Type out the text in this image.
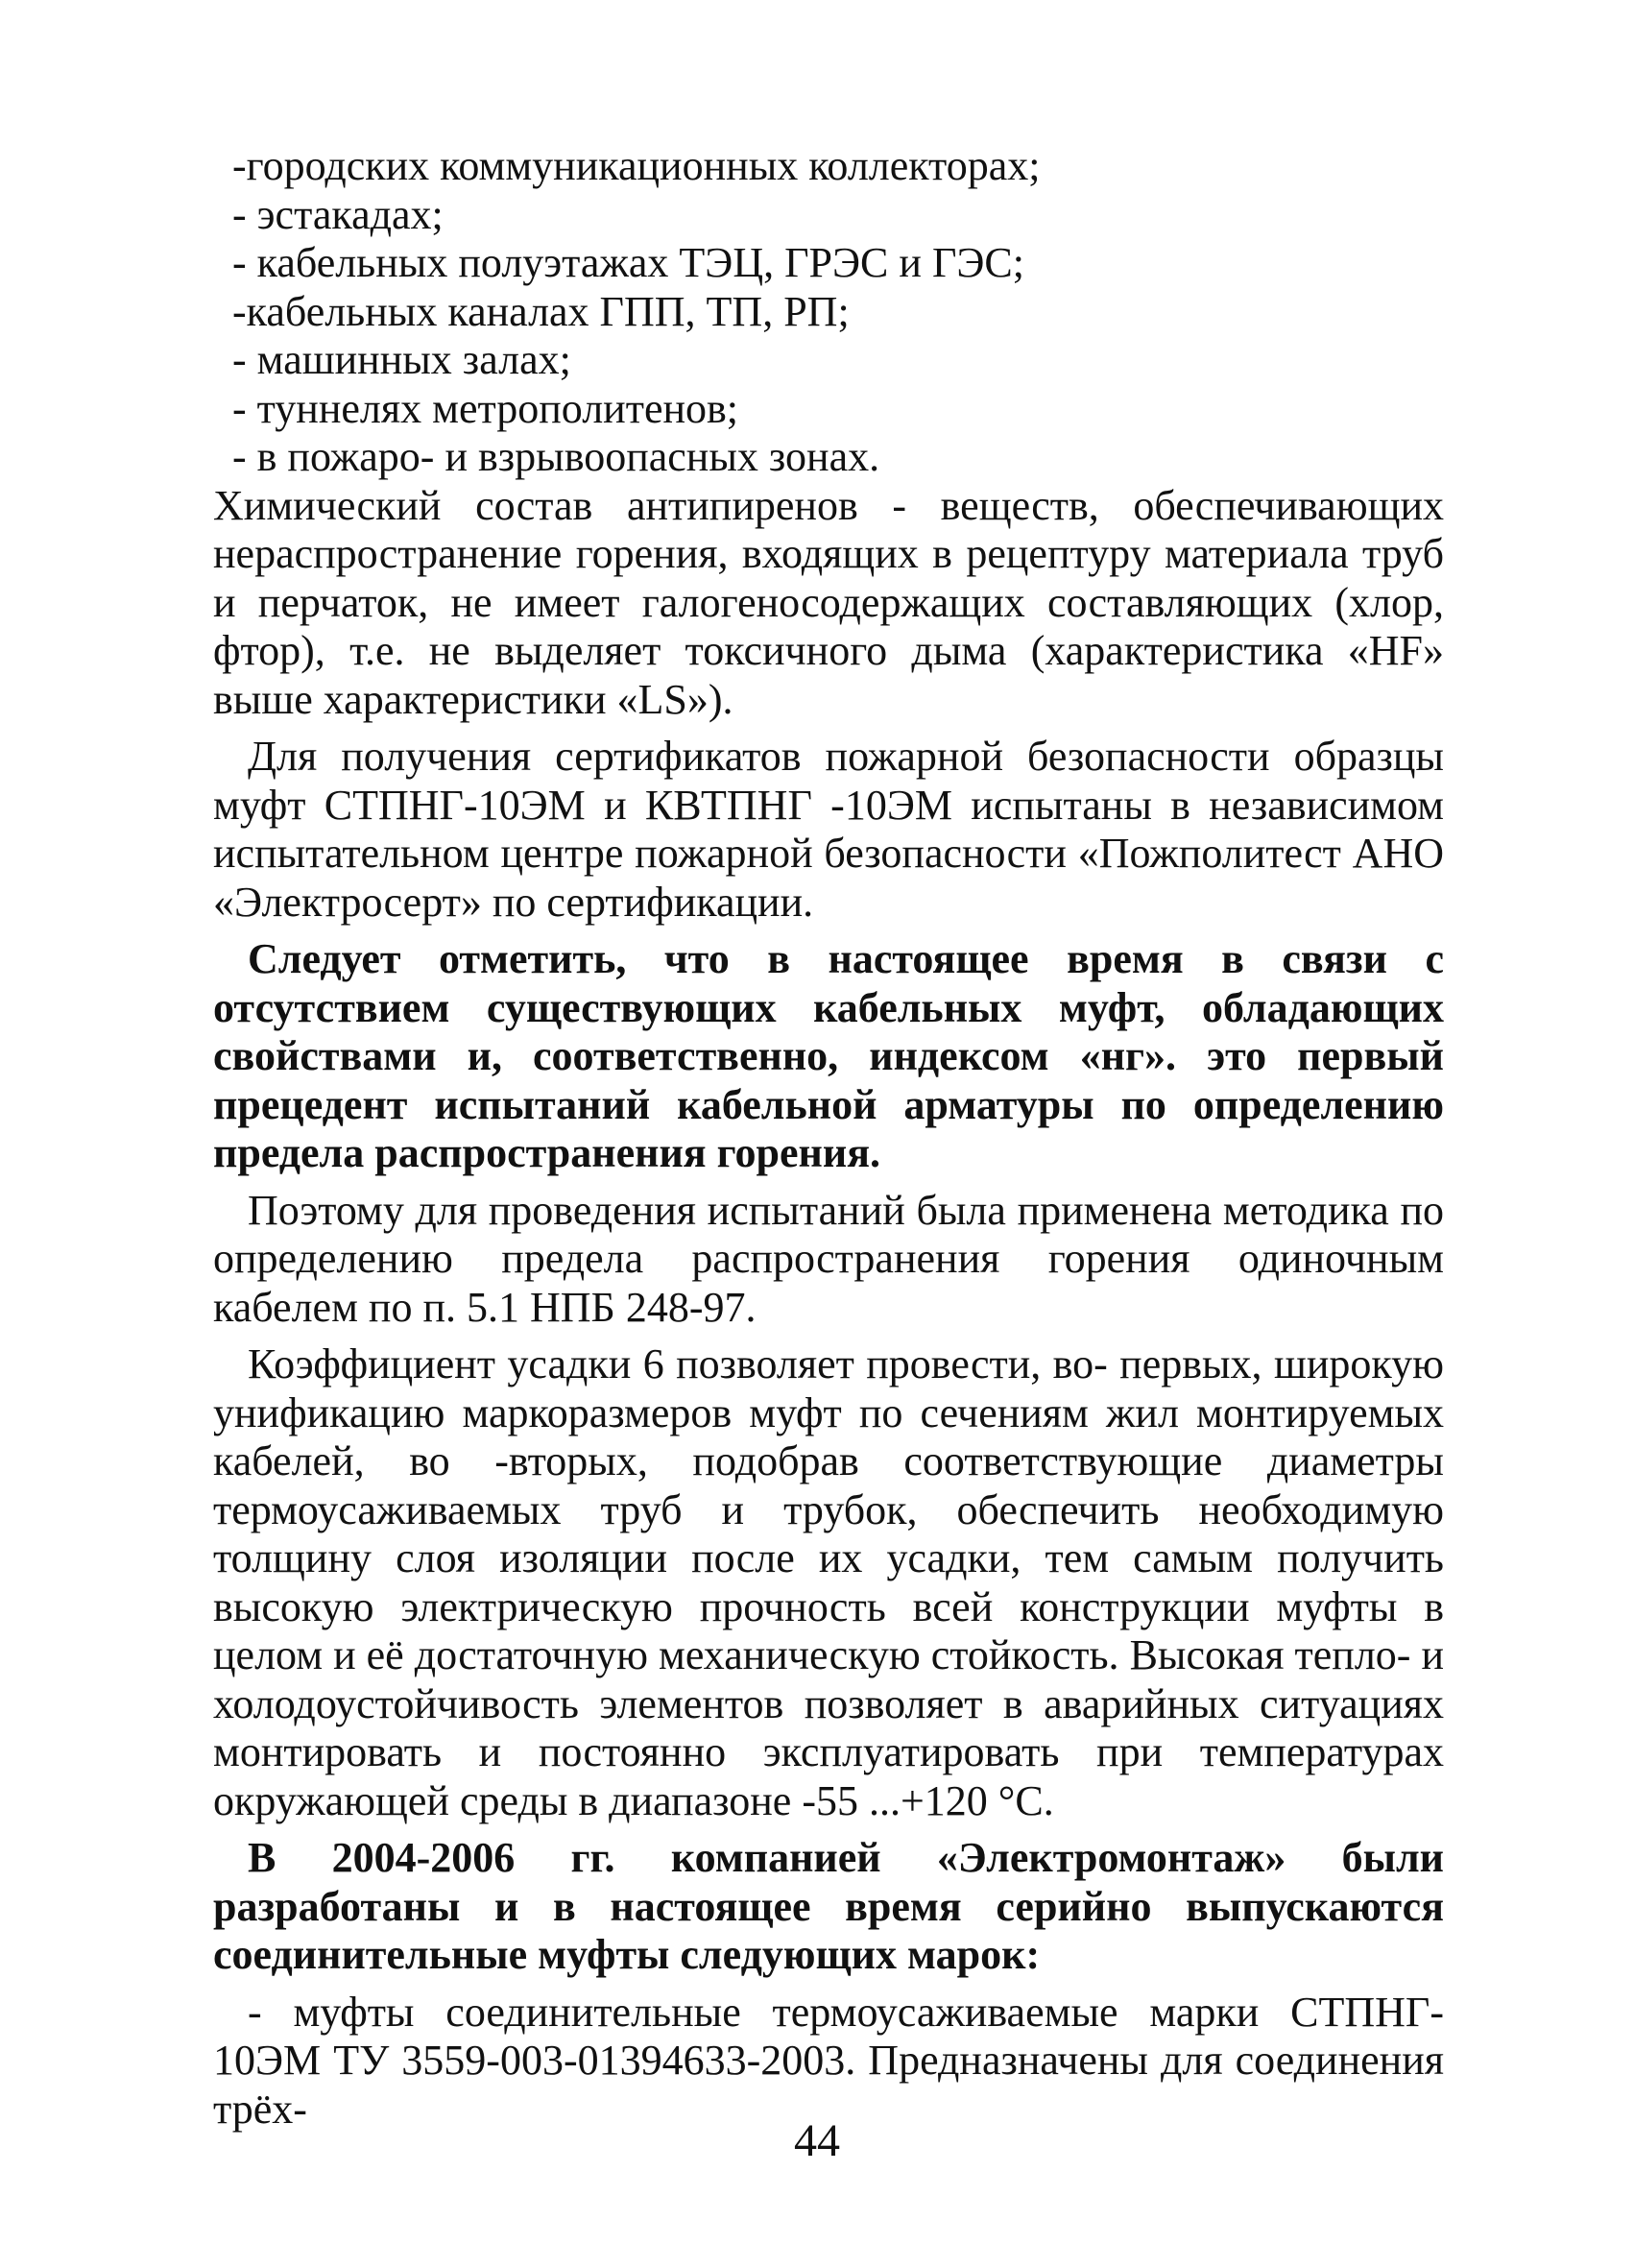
-городских коммуникационных коллекторах;

- эстакадах;

- кабельных полуэтажах ТЭЦ, ГРЭС и ГЭС;

-кабельных каналах ГПП, ТП, РП;

- машинных залах;

- туннелях метрополитенов;

- в пожаро- и взрывоопасных зонах.

Химический состав антипиренов - веществ, обеспечивающих нераспространение горения, входящих в рецептуру материала труб и перчаток, не имеет галогеносодержащих составляющих (хлор, фтор), т.е. не выделяет токсичного дыма (характеристика «HF» выше характеристики «LS»).

Для получения сертификатов пожарной безопасности образцы муфт СТПНГ-10ЭМ и КВТПНГ -10ЭМ испытаны в независимом испытательном центре пожарной безопасности «Пожполитест АНО «Электросерт» по сертификации.

Следует отметить, что в настоящее время в связи с отсутствием существующих кабельных муфт, обладающих свойствами и, соответственно, индексом «нг». это первый прецедент испытаний кабельной арматуры по определению предела распространения горения.

Поэтому для проведения испытаний была применена методика по определению предела распространения горения одиночным кабелем по п. 5.1 НПБ 248-97.

Коэффициент усадки 6 позволяет провести, во- первых, широкую унификацию маркоразмеров муфт по сечениям жил монтируемых кабелей, во -вторых, подобрав соответствующие диаметры термоусаживаемых труб и трубок, обеспечить необходимую толщину слоя изоляции после их усадки, тем самым получить высокую электрическую прочность всей конструкции муфты в целом и её достаточную механическую стойкость. Высокая тепло- и холодоустойчивость элементов позволяет в аварийных ситуациях монтировать и постоянно эксплуатировать при температурах окружающей среды в диапазоне -55 ...+120 °С.

В 2004-2006 гг. компанией «Электромонтаж» были разработаны и в настоящее время серийно выпускаются соединительные муфты следующих марок:

- муфты соединительные термоусаживаемые марки СТПНГ- 10ЭМ ТУ 3559-003-01394633-2003. Предназначены для соединения трёх-

44
